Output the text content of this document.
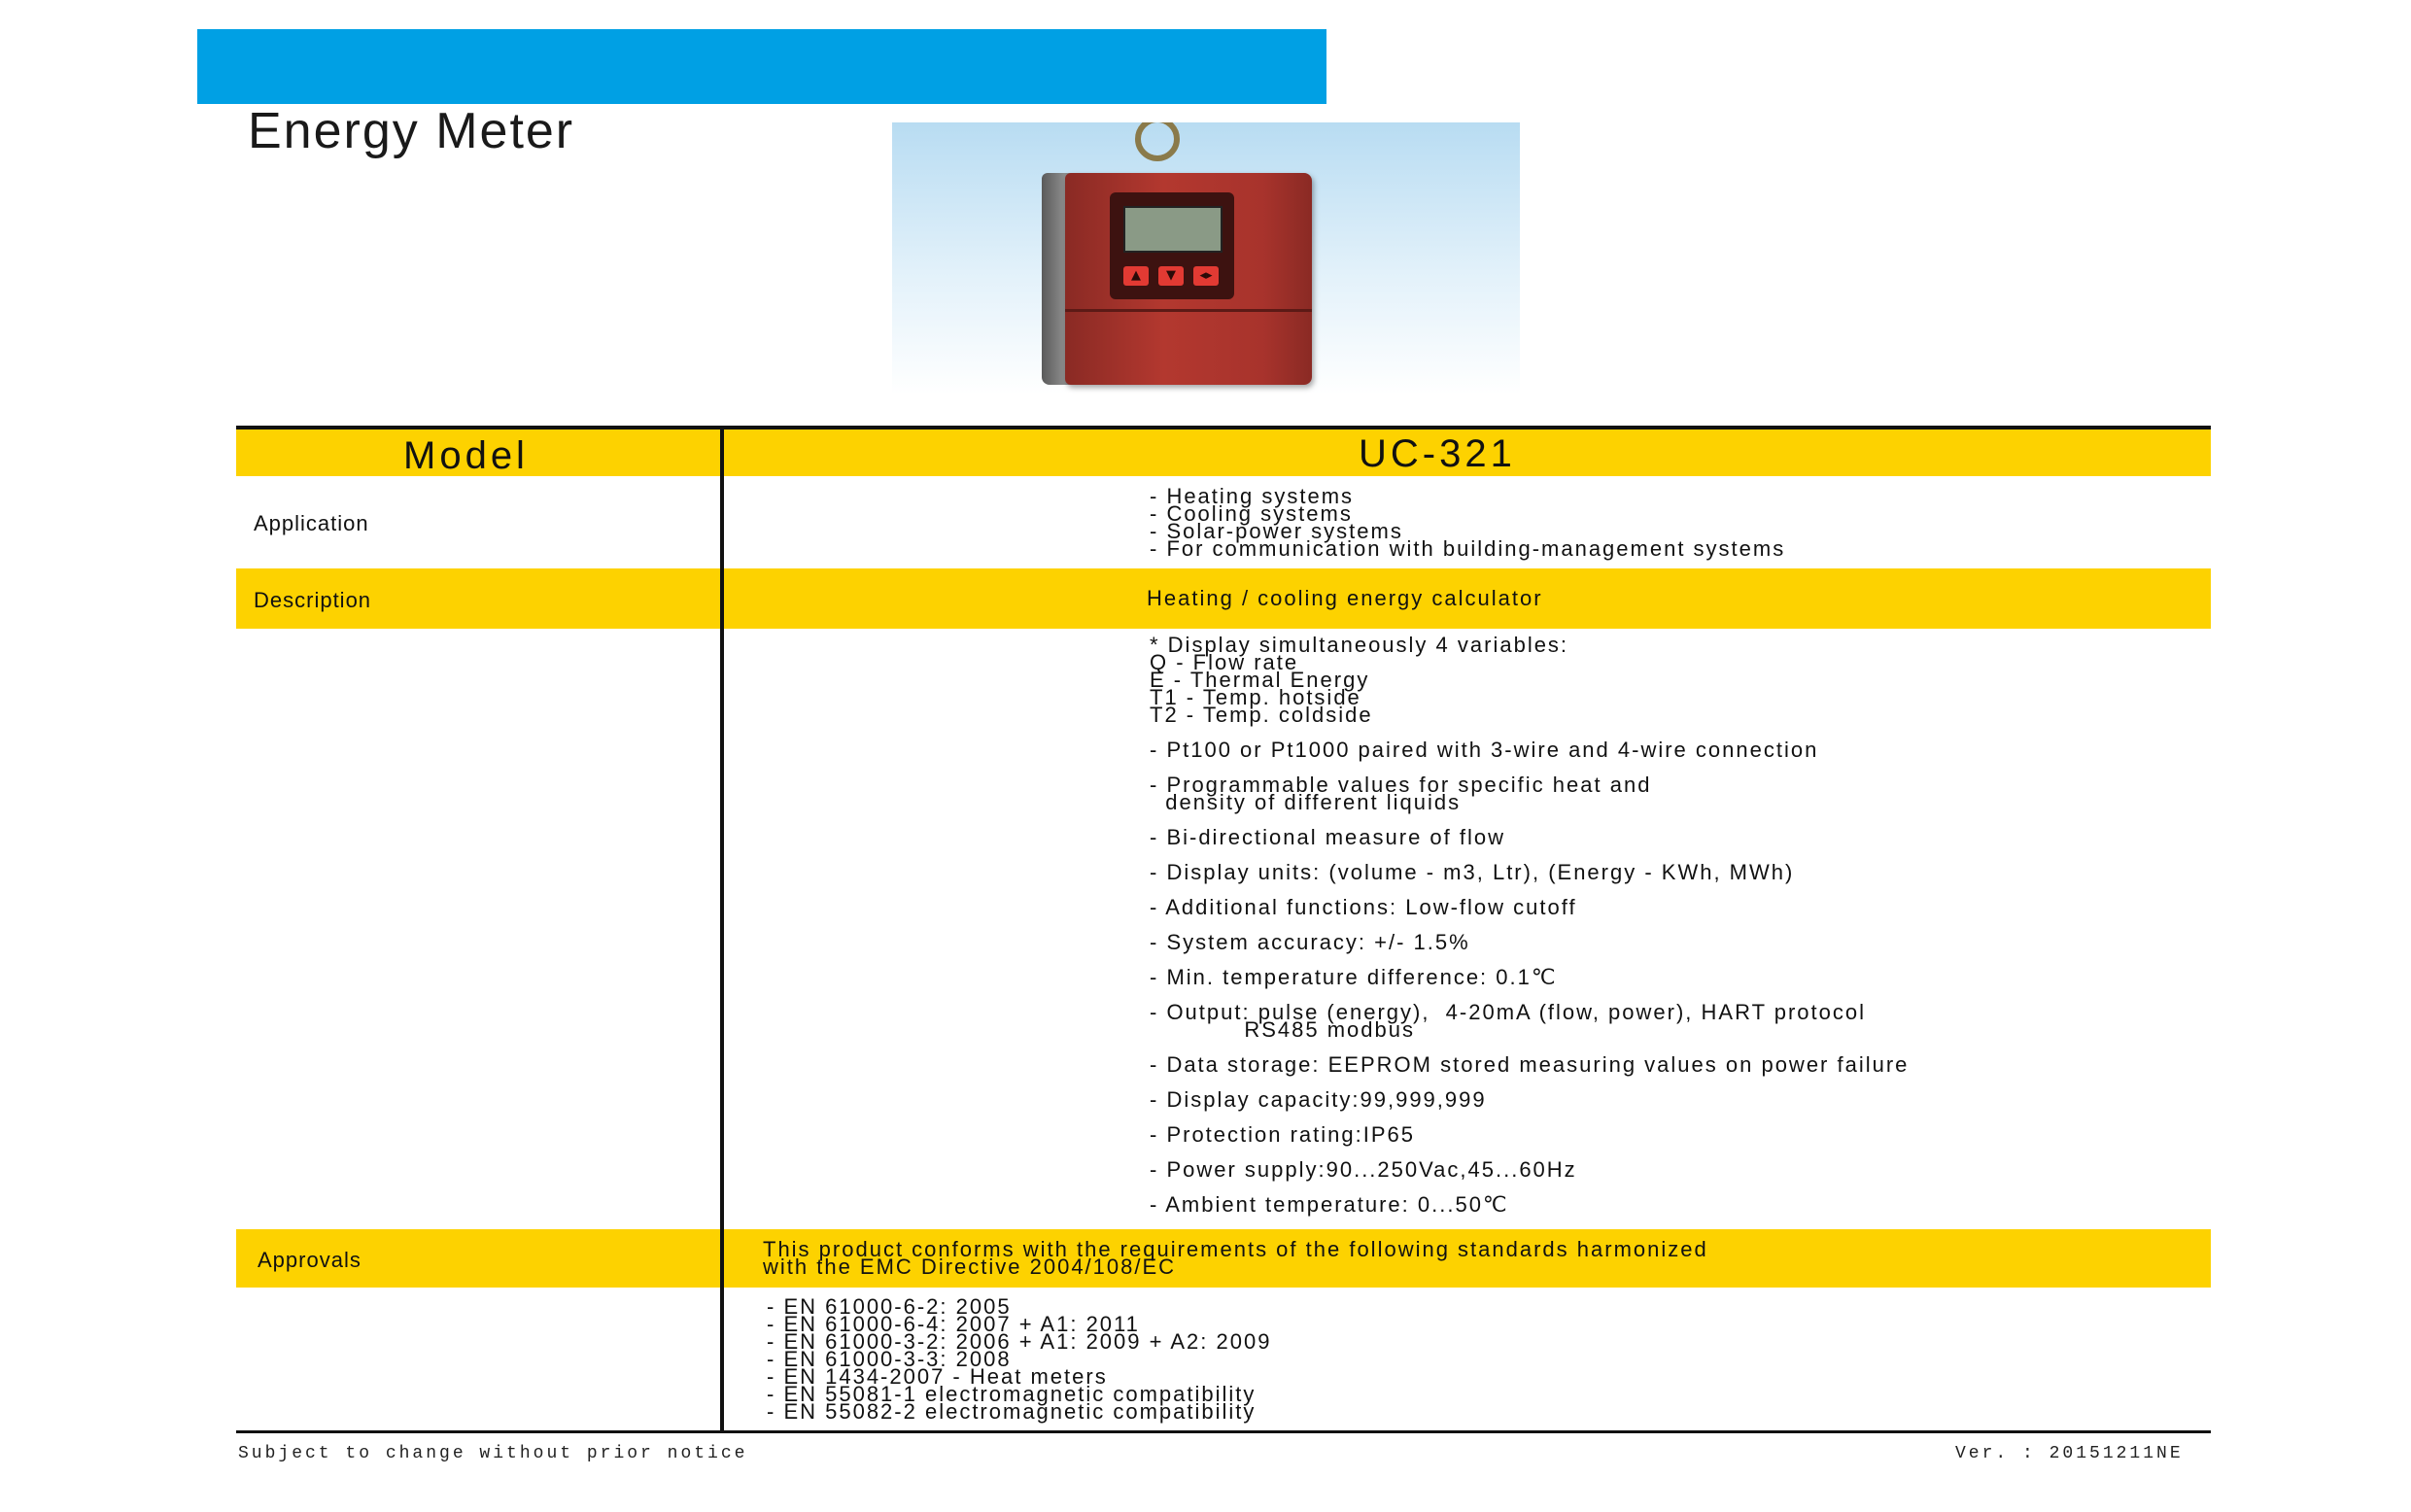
Energy Meter
▲	▼	◂▸
Model	UC-321
Application
- Heating systems
- Cooling systems
- Solar-power systems
- For communication with building-management systems
Description	Heating / cooling energy calculator
* Display simultaneously 4 variables:
Q - Flow rate
E - Thermal Energy
T1 - Temp. hotside
T2 - Temp. coldside
- Pt100 or Pt1000 paired with 3-wire and 4-wire connection
- Programmable values for specific heat and
density of different liquids
- Bi-directional measure of flow
- Display units: (volume - m3, Ltr), (Energy - KWh, MWh)
- Additional functions: Low-flow cutoff
- System accuracy: +/- 1.5%
- Min. temperature difference: 0.1℃
- Output: pulse (energy),  4-20mA (flow, power), HART protocol
RS485 modbus
- Data storage: EEPROM stored measuring values on power failure
- Display capacity:99,999,999
- Protection rating:IP65
- Power supply:90...250Vac,45...60Hz
- Ambient temperature: 0...50℃
Approvals	This product conforms with the requirements of the following standards harmonized
with the EMC Directive 2004/108/EC
- EN 61000-6-2: 2005
- EN 61000-6-4: 2007 + A1: 2011
- EN 61000-3-2: 2006 + A1: 2009 + A2: 2009
- EN 61000-3-3: 2008
- EN 1434-2007 - Heat meters
- EN 55081-1 electromagnetic compatibility
- EN 55082-2 electromagnetic compatibility
Subject to change without prior notice	Ver. : 20151211NE
